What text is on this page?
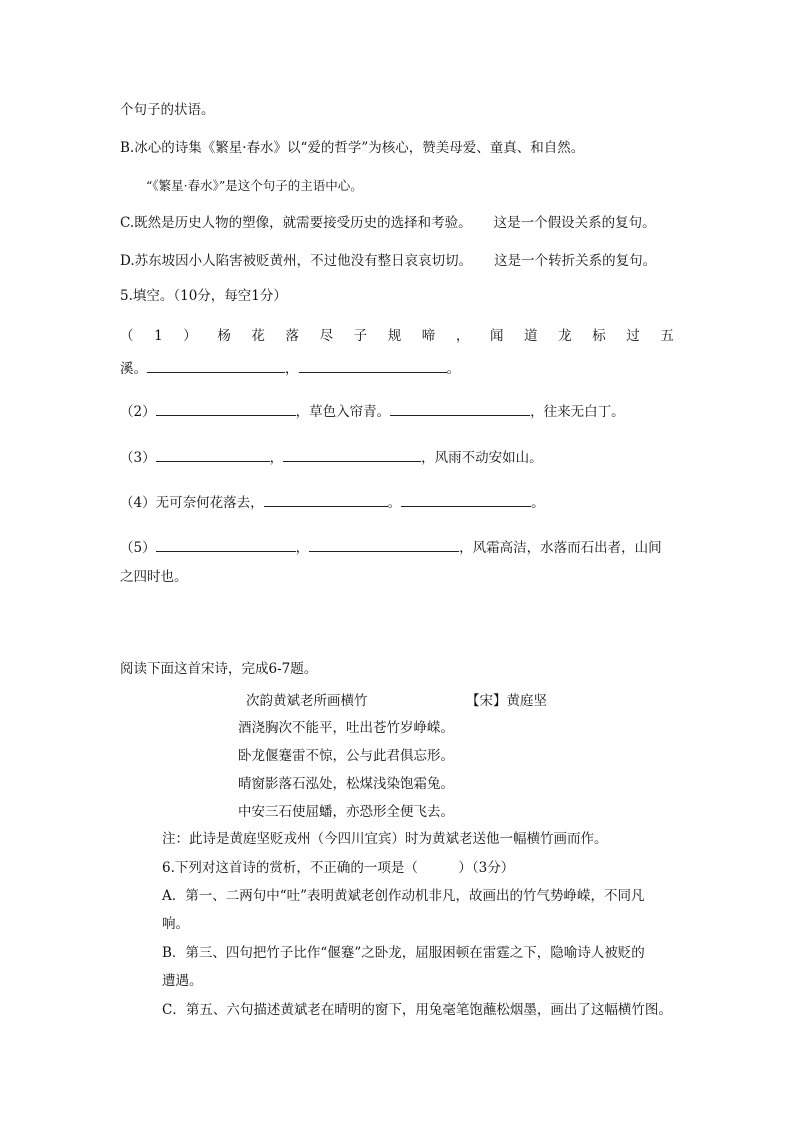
个句子的状语。
B.冰心的诗集《繁星·春水》以“爱的哲学”为核心，赞美母爱、童真、和自然。
“《繁星·春水》”是这个句子的主语中心。
C.既然是历史人物的塑像，就需要接受历史的选择和考验。 这是一个假设关系的复句。
D.苏东坡因小人陷害被贬黄州，不过他没有整日哀哀切切。 这是一个转折关系的复句。
5.填空。（10分，每空1分）
（ 1 ） 杨 花 落 尽 子 规 啼 ， 闻 道 龙 标 过 五
溪。	，	。
（2）	，草色入帘青。	，往来无白丁。
（3）	，	，风雨不动安如山。
（4）无可奈何花落去，	。	。
（5）	，	，风霜高洁，水落而石出者，山间
之四时也。
阅读下面这首宋诗，完成6-7题。
次韵黄斌老所画横竹	【宋】黄庭坚
酒浇胸次不能平，吐出苍竹岁峥嵘。
卧龙偃蹇雷不惊，公与此君俱忘形。
晴窗影落石泓处，松煤浅染饱霜兔。
中安三石使屈蟠，亦恐形全便飞去。
注：此诗是黄庭坚贬戎州（今四川宜宾）时为黄斌老送他一幅横竹画而作。
6.下列对这首诗的赏析，不正确的一项是（　　　）（3分）
A．第一、二两句中“吐”表明黄斌老创作动机非凡，故画出的竹气势峥嵘，不同凡
响。
B．第三、四句把竹子比作“偃蹇”之卧龙，屈服困顿在雷霆之下，隐喻诗人被贬的
遭遇。
C．第五、六句描述黄斌老在晴明的窗下，用兔毫笔饱蘸松烟墨，画出了这幅横竹图。
